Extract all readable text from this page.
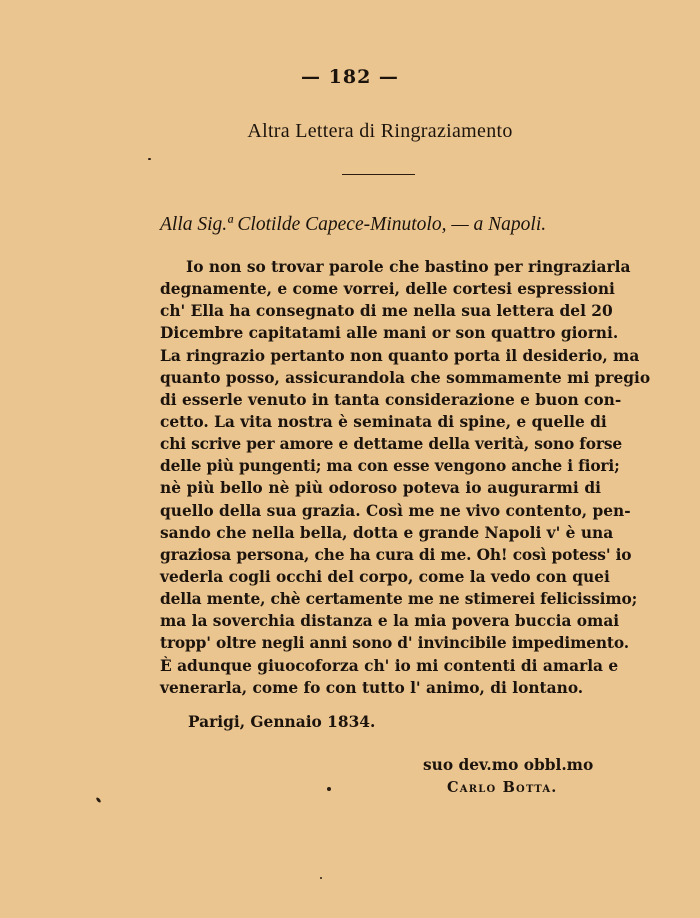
— 182 —
Altra Lettera di Ringraziamento
Alla Sig.ª Clotilde Capece-Minutolo, — a Napoli.
Io non so trovar parole che bastino per ringraziarla
degnamente, e come vorrei, delle cortesi espressioni
ch' Ella ha consegnato di me nella sua lettera del 20
Dicembre capitatami alle mani or son quattro giorni.
La ringrazio pertanto non quanto porta il desiderio, ma
quanto posso, assicurandola che sommamente mi pregio
di esserle venuto in tanta considerazione e buon con-
cetto. La vita nostra è seminata di spine, e quelle di
chi scrive per amore e dettame della verità, sono forse
delle più pungenti; ma con esse vengono anche i fiori;
nè più bello nè più odoroso poteva io augurarmi di
quello della sua grazia. Così me ne vivo contento, pen-
sando che nella bella, dotta e grande Napoli v' è una
graziosa persona, che ha cura di me. Oh! così potess' io
vederla cogli occhi del corpo, come la vedo con quei
della mente, chè certamente me ne stimerei felicissimo;
ma la soverchia distanza e la mia povera buccia omai
tropp' oltre negli anni sono d' invincibile impedimento.
È adunque giuocoforza ch' io mi contenti di amarla e
venerarla, come fo con tutto l' animo, di lontano.
Parigi, Gennaio 1834.
suo dev.mo obbl.mo
Carlo Botta.
